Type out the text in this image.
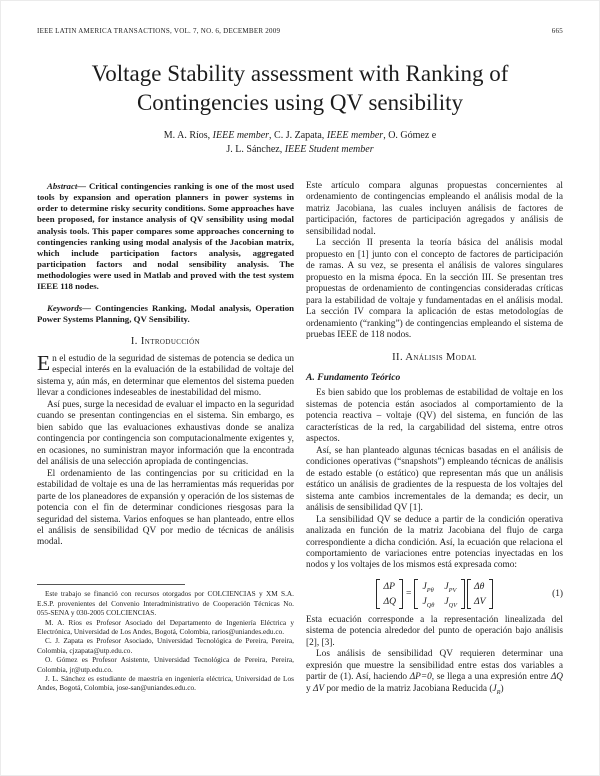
IEEE LATIN AMERICA TRANSACTIONS, VOL. 7, NO. 6, DECEMBER 2009	665
Voltage Stability assessment with Ranking of Contingencies using QV sensibility
M. A. Ríos, IEEE member, C. J. Zapata, IEEE member, O. Gómez e
J. L. Sánchez, IEEE Student member

Abstract— Critical contingencies ranking is one of the most used tools by expansion and operation planners in power systems in order to determine risky security conditions. Some approaches have been proposed, for instance analysis of QV sensibility using modal analysis tools. This paper compares some approaches concerning to contingencies ranking using modal analysis of the Jacobian matrix, which include participation factors analysis, aggregated participation factors and nodal sensibility analysis. The methodologies were used in Matlab and proved with the test system IEEE 118 nodes.

Keywords— Contingencies Ranking, Modal analysis, Operation Power Systems Planning, QV Sensibility.

I. Introducción

En el estudio de la seguridad de sistemas de potencia se dedica un especial interés en la evaluación de la estabilidad de voltaje del sistema y, aún más, en determinar que elementos del sistema pueden llevar a condiciones indeseables de inestabilidad del mismo.

Así pues, surge la necesidad de evaluar el impacto en la seguridad cuando se presentan contingencias en el sistema. Sin embargo, es bien sabido que las evaluaciones exhaustivas donde se analiza contingencia por contingencia son computacionalmente exigentes y, en ocasiones, no suministran mayor información que la encontrada del análisis de una selección apropiada de contingencias.

El ordenamiento de las contingencias por su criticidad en la estabilidad de voltaje es una de las herramientas más requeridas por parte de los planeadores de expansión y operación de los sistemas de potencia con el fin de determinar condiciones riesgosas para la seguridad del sistema. Varios enfoques se han planteado, entre ellos el análisis de sensibilidad QV por medio de técnicas de análisis modal.

Este trabajo se financió con recursos otorgados por COLCIENCIAS y XM S.A. E.S.P. provenientes del Convenio Interadministrativo de Cooperación Técnicas No. 055-SENA y 030-2005 COLCIENCIAS.

M. A. Ríos es Profesor Asociado del Departamento de Ingeniería Eléctrica y Electrónica, Universidad de Los Andes, Bogotá, Colombia, rarios@uniandes.edu.co.

C. J. Zapata es Profesor Asociado, Universidad Tecnológica de Pereira, Pereira, Colombia, cjzapata@utp.edu.co.

O. Gómez es Profesor Asistente, Universidad Tecnológica de Pereira, Pereira, Colombia, jr@utp.edu.co.

J. L. Sánchez es estudiante de maestría en ingeniería eléctrica, Universidad de Los Andes, Bogotá, Colombia, jose-san@uniandes.edu.co.

Este artículo compara algunas propuestas concernientes al ordenamiento de contingencias empleando el análisis modal de la matriz Jacobiana, las cuales incluyen análisis de factores de participación, factores de participación agregados y análisis de sensibilidad nodal.

La sección II presenta la teoría básica del análisis modal propuesto en [1] junto con el concepto de factores de participación de ramas. A su vez, se presenta el análisis de valores singulares propuesto en la misma época. En la sección III. Se presentan tres propuestas de ordenamiento de contingencias consideradas críticas para la estabilidad de voltaje y fundamentadas en el análisis modal. La sección IV compara la aplicación de estas metodologías de ordenamiento (“ranking”) de contingencias empleando el sistema de pruebas IEEE de 118 nodos.

II. Análisis Modal
A. Fundamento Teórico

Es bien sabido que los problemas de estabilidad de voltaje en los sistemas de potencia están asociados al comportamiento de la potencia reactiva – voltaje (QV) del sistema, en función de las características de la red, la cargabilidad del sistema, entre otros aspectos.

Así, se han planteado algunas técnicas basadas en el análisis de condiciones operativas (“snapshots”) empleando técnicas de análisis de estado estable (o estático) que representan más que un análisis estático un análisis de gradientes de la respuesta de los voltajes del sistema ante cambios incrementales de la demanda; es decir, un análisis de sensibilidad QV [1].

La sensibilidad QV se deduce a partir de la condición operativa analizada en función de la matriz Jacobiana del flujo de carga correspondiente a dicha condición. Así, la ecuación que relaciona el comportamiento de variaciones entre potencias inyectadas en los nodos y los voltajes de los mismos está expresada como:

ΔP
ΔQ
=
$J_{P\theta}$ $J_{PV}$
$J_{Q\theta}$ $J_{QV}$
Δθ
ΔV
(1)

Esta ecuación corresponde a la representación linealizada del sistema de potencia alrededor del punto de operación bajo análisis [2], [3].

Los análisis de sensibilidad QV requieren determinar una expresión que muestre la sensibilidad entre estas dos variables a partir de (1). Así, haciendo ΔP=0, se llega a una expresión entre ΔQ y ΔV por medio de la matriz Jacobiana Reducida $(J_R)$
